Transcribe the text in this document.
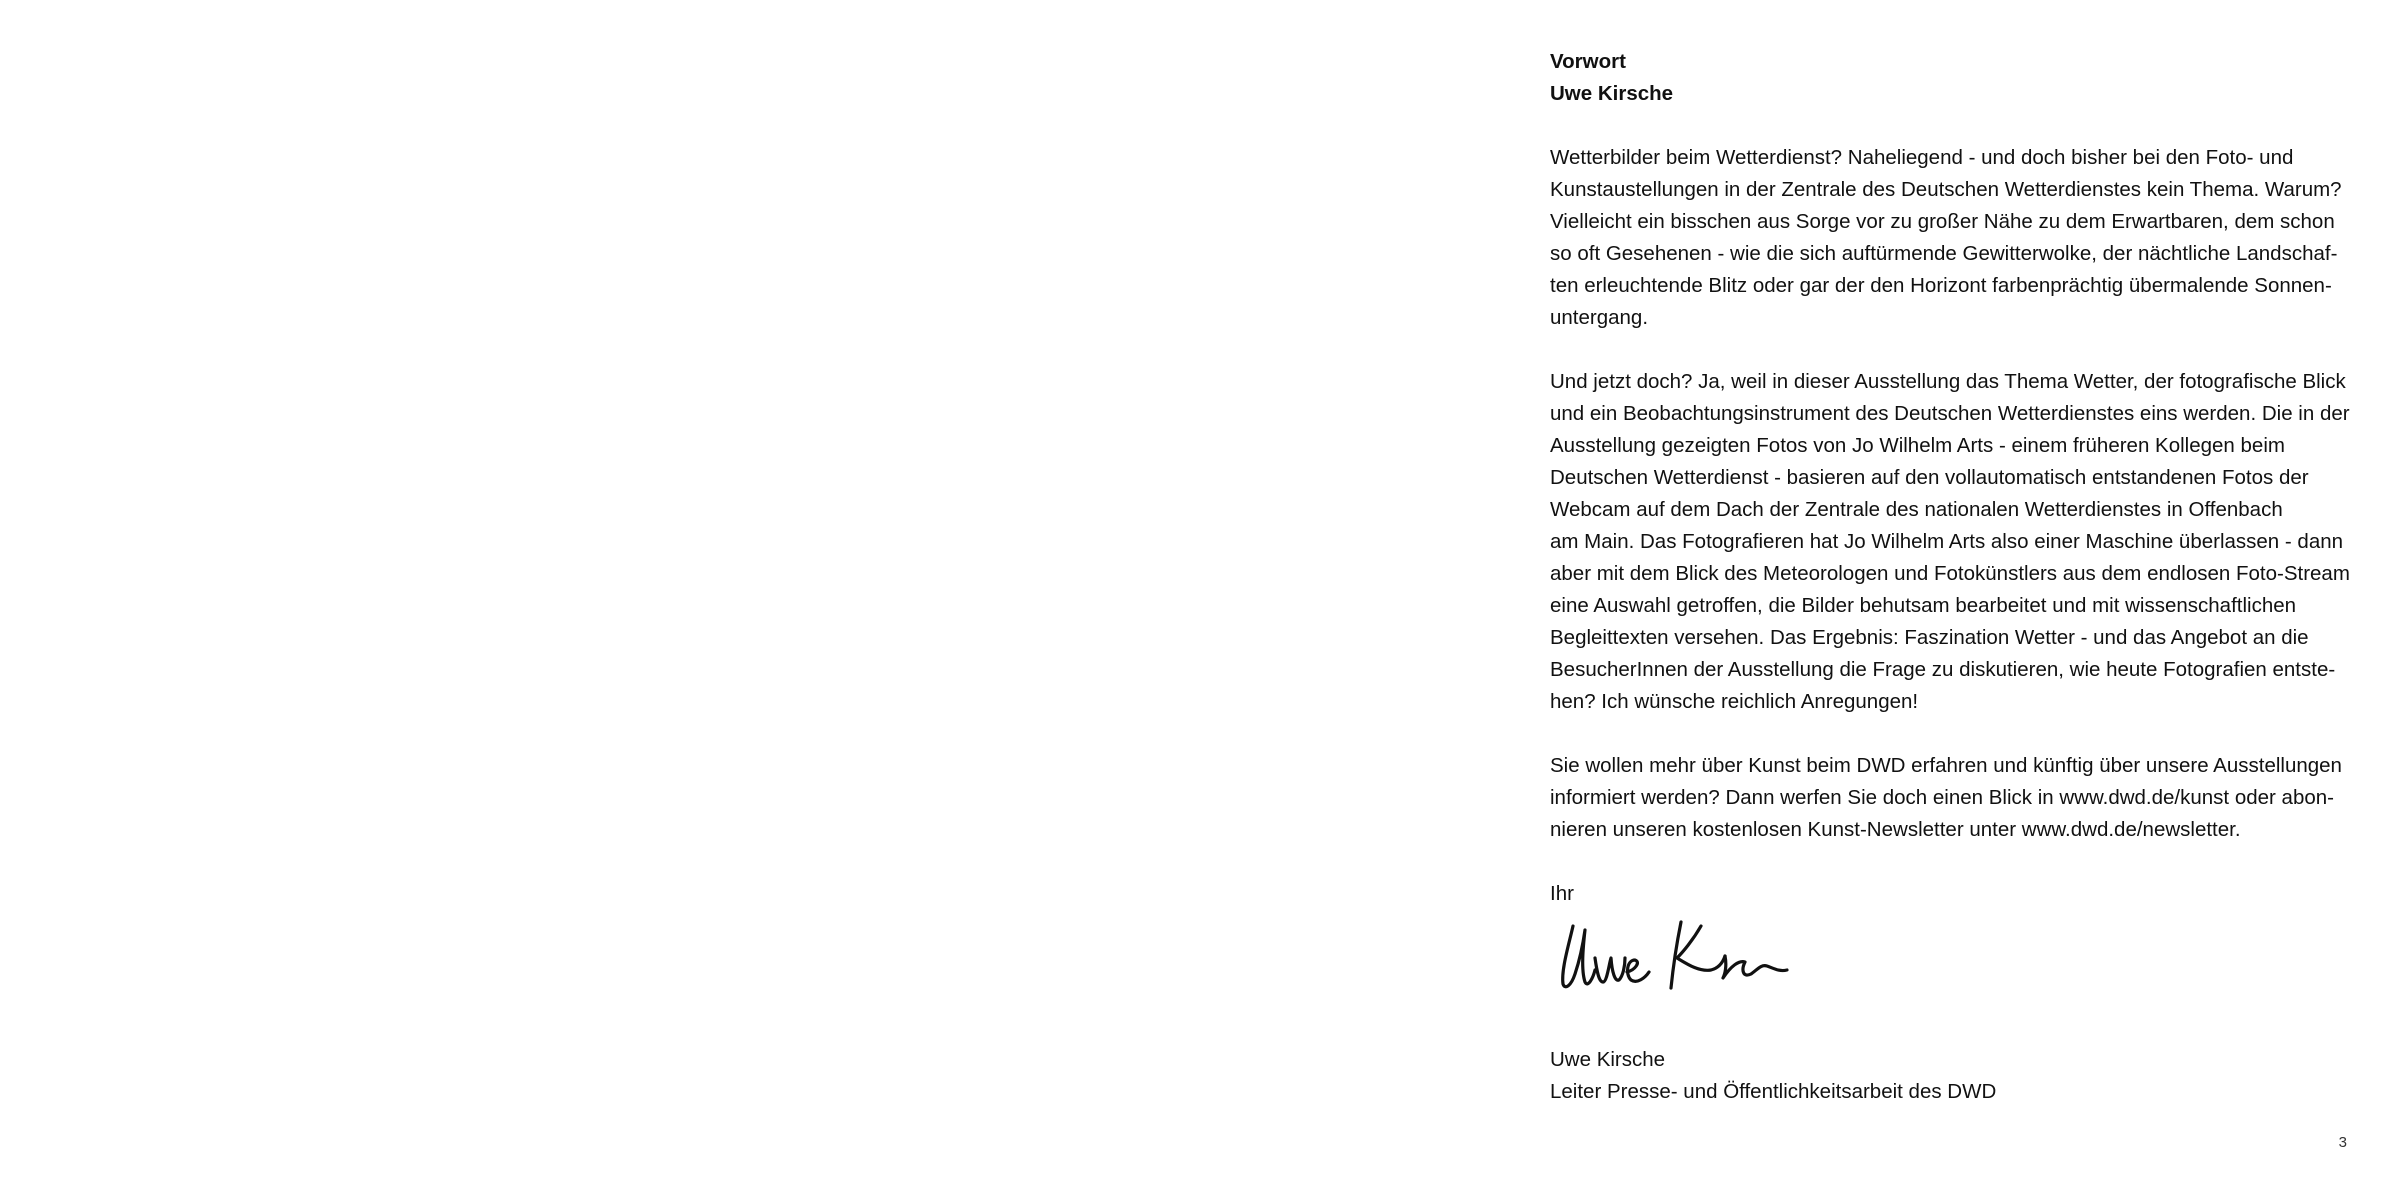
Vorwort
Uwe Kirsche
Wetterbilder beim Wetterdienst? Naheliegend - und doch bisher bei den Foto- und
Kunstaustellungen in der Zentrale des Deutschen Wetterdienstes kein Thema. Warum?
Vielleicht ein bisschen aus Sorge vor zu großer Nähe zu dem Erwartbaren, dem schon
so oft Gesehenen - wie die sich auftürmende Gewitterwolke, der nächtliche Landschaf-
ten erleuchtende Blitz oder gar der den Horizont farbenprächtig übermalende Sonnen-
untergang.
Und jetzt doch? Ja, weil in dieser Ausstellung das Thema Wetter, der fotografische Blick
und ein Beobachtungsinstrument des Deutschen Wetterdienstes eins werden. Die in der
Ausstellung gezeigten Fotos von Jo Wilhelm Arts - einem früheren Kollegen beim
Deutschen Wetterdienst - basieren auf den vollautomatisch entstandenen Fotos der
Webcam auf dem Dach der Zentrale des nationalen Wetterdienstes in Offenbach
am Main. Das Fotografieren hat Jo Wilhelm Arts also einer Maschine überlassen - dann
aber mit dem Blick des Meteorologen und Fotokünstlers aus dem endlosen Foto-Stream
eine Auswahl getroffen, die Bilder behutsam bearbeitet und mit wissenschaftlichen
Begleittexten versehen. Das Ergebnis: Faszination Wetter - und das Angebot an die
BesucherInnen der Ausstellung die Frage zu diskutieren, wie heute Fotografien entste-
hen? Ich wünsche reichlich Anregungen!
Sie wollen mehr über Kunst beim DWD erfahren und künftig über unsere Ausstellungen
informiert werden? Dann werfen Sie doch einen Blick in www.dwd.de/kunst oder abon-
nieren unseren kostenlosen Kunst-Newsletter unter www.dwd.de/newsletter.
Ihr
Uwe Kirsche
Leiter Presse- und Öffentlichkeitsarbeit des DWD
3
